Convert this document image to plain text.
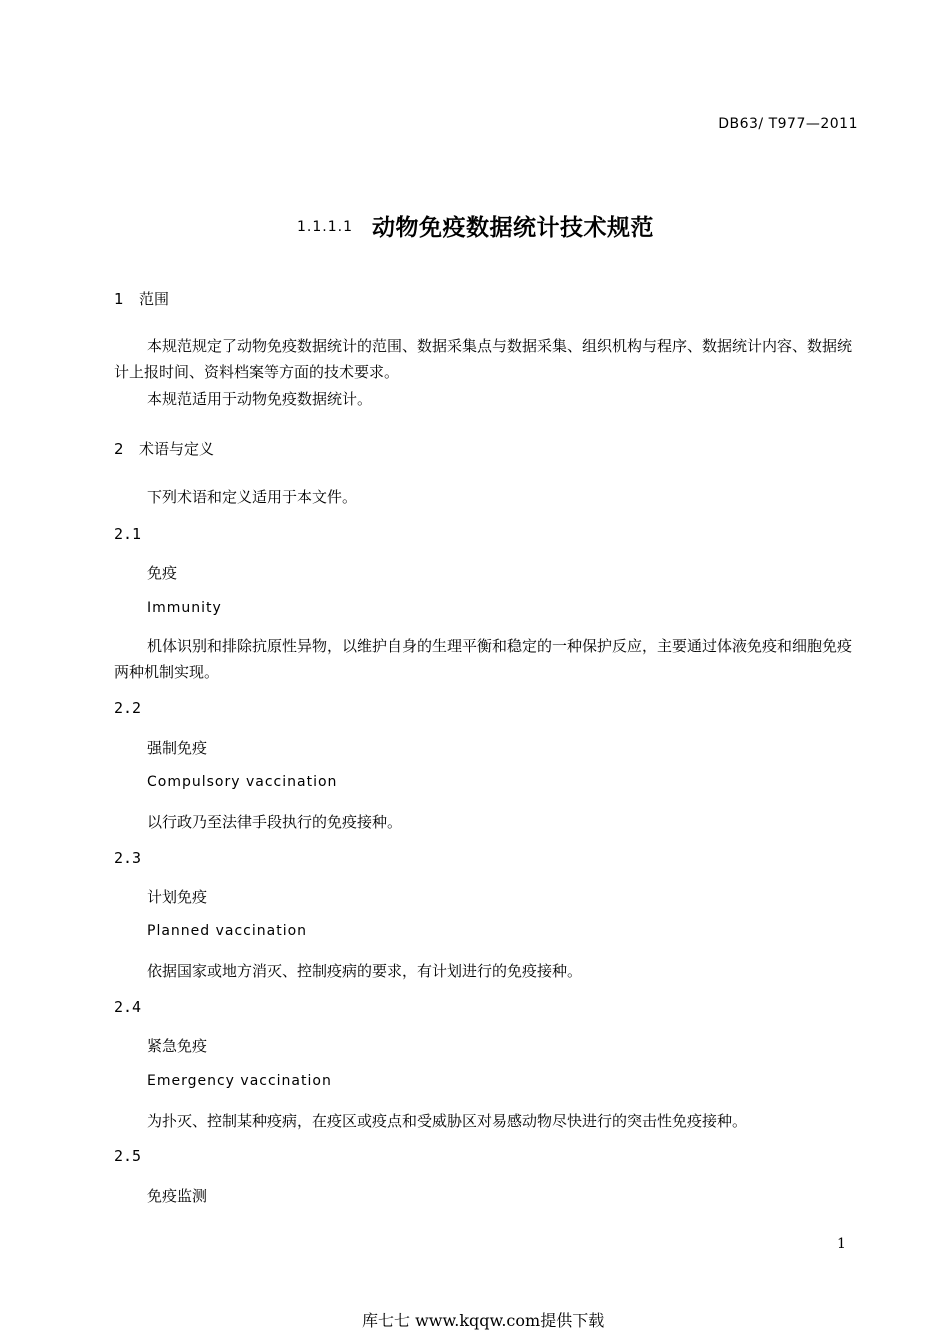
DB63/ T977—2011
1.1.1.1 动物免疫数据统计技术规范
1 范围
本规范规定了动物免疫数据统计的范围、数据采集点与数据采集、组织机构与程序、数据统计内容、数据统计上报时间、资料档案等方面的技术要求。
本规范适用于动物免疫数据统计。
2 术语与定义
下列术语和定义适用于本文件。
2.1
免疫
Immunity
机体识别和排除抗原性异物，以维护自身的生理平衡和稳定的一种保护反应，主要通过体液免疫和细胞免疫两种机制实现。
2.2
强制免疫
Compulsory vaccination
以行政乃至法律手段执行的免疫接种。
2.3
计划免疫
Planned vaccination
依据国家或地方消灭、控制疫病的要求，有计划进行的免疫接种。
2.4
紧急免疫
Emergency vaccination
为扑灭、控制某种疫病，在疫区或疫点和受威胁区对易感动物尽快进行的突击性免疫接种。
2.5
免疫监测
1
库七七 www.kqqw.com提供下载
